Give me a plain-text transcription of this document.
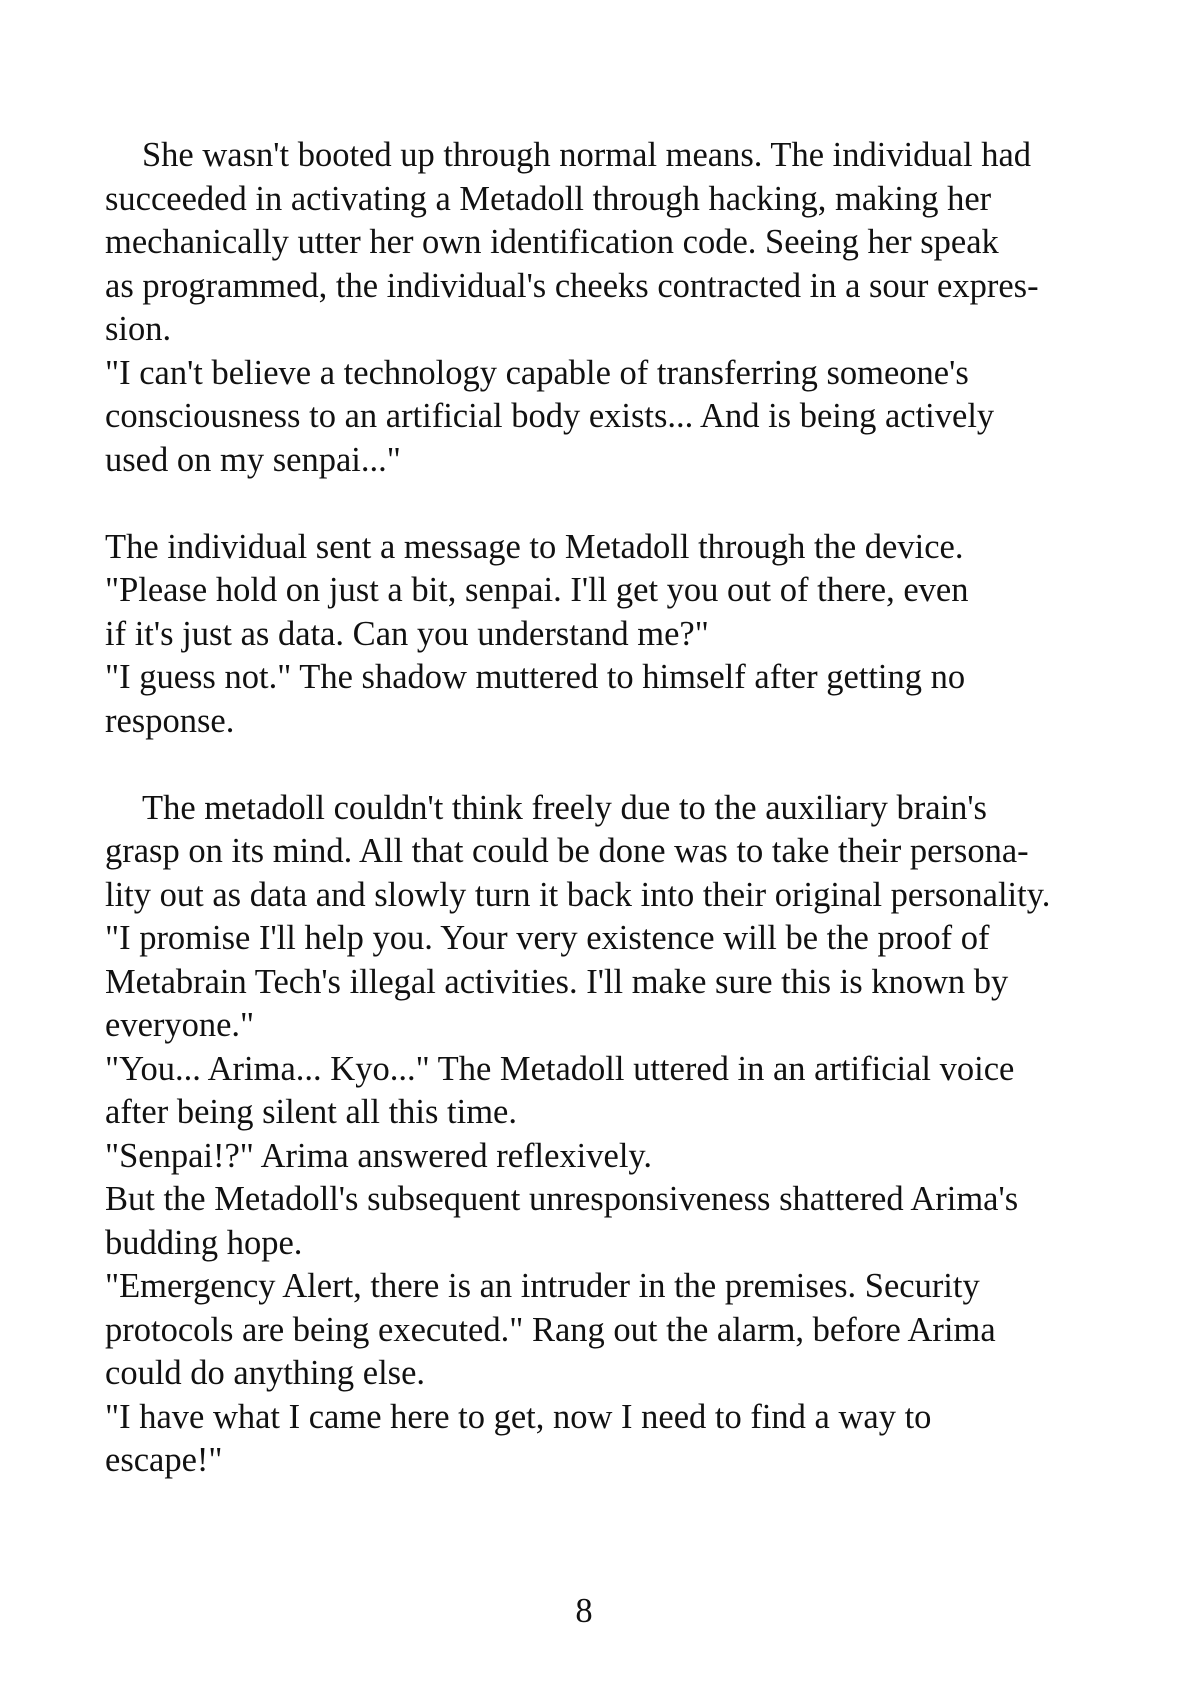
She wasn't booted up through normal means. The individual had
succeeded in activating a Metadoll through hacking, making her
mechanically utter her own identification code. Seeing her speak
as programmed, the individual's cheeks contracted in a sour expres-
sion.
"I can't believe a technology capable of transferring someone's
consciousness to an artificial body exists... And is being actively
used on my senpai..."
The individual sent a message to Metadoll through the device.
"Please hold on just a bit, senpai. I'll get you out of there, even
if it's just as data. Can you understand me?"
"I guess not." The shadow muttered to himself after getting no
response.
The metadoll couldn't think freely due to the auxiliary brain's
grasp on its mind. All that could be done was to take their persona-
lity out as data and slowly turn it back into their original personality.
"I promise I'll help you. Your very existence will be the proof of
Metabrain Tech's illegal activities. I'll make sure this is known by
everyone."
"You... Arima... Kyo..." The Metadoll uttered in an artificial voice
after being silent all this time.
"Senpai!?" Arima answered reflexively.
But the Metadoll's subsequent unresponsiveness shattered Arima's
budding hope.
"Emergency Alert, there is an intruder in the premises. Security
protocols are being executed." Rang out the alarm, before Arima
could do anything else.
"I have what I came here to get, now I need to find a way to
escape!"
8
